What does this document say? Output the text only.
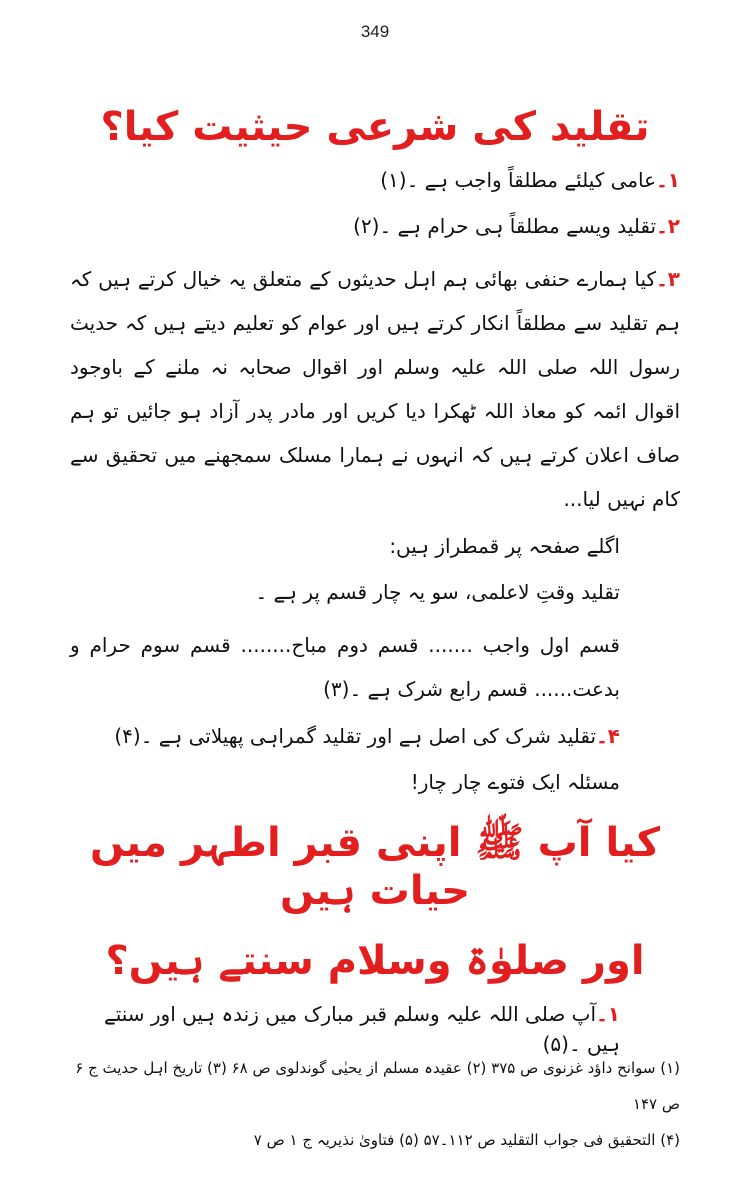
349
تقلید کی شرعی حیثیت کیا؟

۱۔عامی کیلئے مطلقاً واجب ہے ۔(۱)

۲۔تقلید ویسے مطلقاً ہی حرام ہے ۔(۲)

۳۔کیا ہمارے حنفی بھائی ہم اہل حدیثوں کے متعلق یہ خیال کرتے ہیں کہ ہم تقلید سے مطلقاً انکار کرتے ہیں اور عوام کو تعلیم دیتے ہیں کہ حدیث رسول اللہ صلی اللہ علیہ وسلم اور اقوال صحابہ نہ ملنے کے باوجود اقوال ائمہ کو معاذ اللہ ٹھکرا دیا کریں اور مادر پدر آزاد ہو جائیں تو ہم صاف اعلان کرتے ہیں کہ انہوں نے ہمارا مسلک سمجھنے میں تحقیق سے کام نہیں لیا...

اگلے صفحہ پر قمطراز ہیں:

تقلید وقتِ لاعلمی، سو یہ چار قسم پر ہے ۔

قسم اول واجب ....... قسم دوم مباح........ قسم سوم حرام و بدعت...... قسم رابع شرک ہے ۔(۳)

۴۔تقلید شرک کی اصل ہے اور تقلید گمراہی پھیلاتی ہے ۔(۴)

مسئلہ ایک فتوے چار چار!

کیا آپ ﷺ اپنی قبر اطہر میں حیات ہیں
اور صلوٰۃ وسلام سنتے ہیں؟

۱۔آپ صلی اللہ علیہ وسلم قبر مبارک میں زندہ ہیں اور سنتے ہیں ۔(۵)

(۱) سوانح داؤد غزنوی ص ۳۷۵ (۲) عقیدہ مسلم از یحیٰی گوندلوی ص ۶۸ (۳) تاریخ اہل حدیث ج ۶ ص ۱۴۷
(۴) التحقیق فی جواب التقلید ص ۱۱۲۔۵۷ (۵) فتاویٰ نذیریہ ج ۱ ص ۷
